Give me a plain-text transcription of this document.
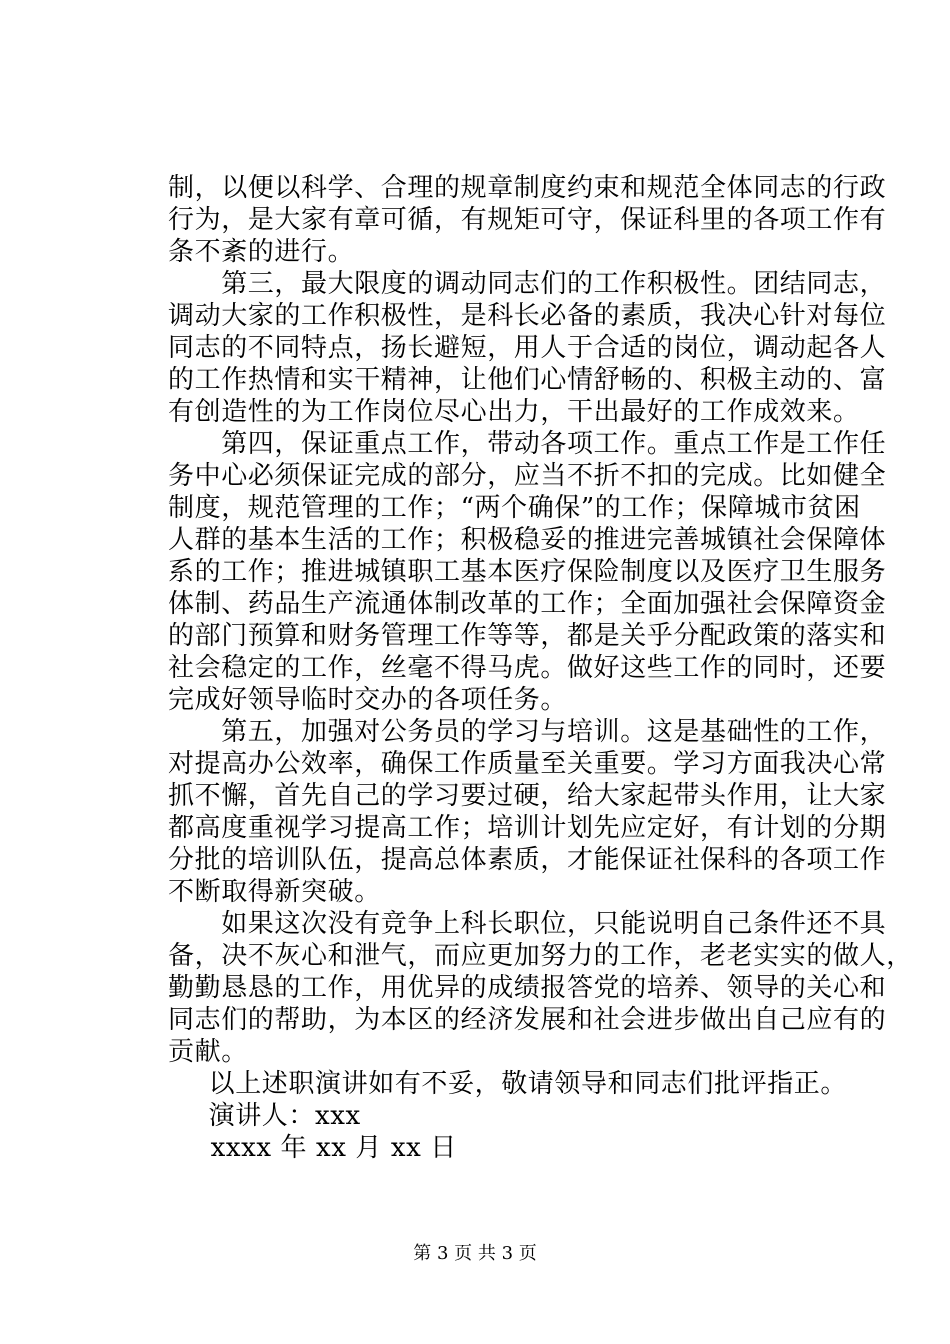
制，以便以科学、合理的规章制度约束和规范全体同志的行政
行为，是大家有章可循，有规矩可守，保证科里的各项工作有
条不紊的进行。
　　第三，最大限度的调动同志们的工作积极性。团结同志，
调动大家的工作积极性，是科长必备的素质，我决心针对每位
同志的不同特点，扬长避短，用人于合适的岗位，调动起各人
的工作热情和实干精神，让他们心情舒畅的、积极主动的、富
有创造性的为工作岗位尽心出力，干出最好的工作成效来。
　　第四，保证重点工作，带动各项工作。重点工作是工作任
务中心必须保证完成的部分，应当不折不扣的完成。比如健全
制度，规范管理的工作；“两个确保”的工作；保障城市贫困
人群的基本生活的工作；积极稳妥的推进完善城镇社会保障体
系的工作；推进城镇职工基本医疗保险制度以及医疗卫生服务
体制、药品生产流通体制改革的工作；全面加强社会保障资金
的部门预算和财务管理工作等等，都是关乎分配政策的落实和
社会稳定的工作，丝毫不得马虎。做好这些工作的同时，还要
完成好领导临时交办的各项任务。
　　第五，加强对公务员的学习与培训。这是基础性的工作，
对提高办公效率，确保工作质量至关重要。学习方面我决心常
抓不懈，首先自己的学习要过硬，给大家起带头作用，让大家
都高度重视学习提高工作；培训计划先应定好，有计划的分期
分批的培训队伍，提高总体素质，才能保证社保科的各项工作
不断取得新突破。
　　如果这次没有竞争上科长职位，只能说明自己条件还不具
备，决不灰心和泄气，而应更加努力的工作，老老实实的做人，
勤勤恳恳的工作，用优异的成绩报答党的培养、领导的关心和
同志们的帮助，为本区的经济发展和社会进步做出自己应有的
贡献。
　以上述职演讲如有不妥，敬请领导和同志们批评指正。
　演讲人：xxx
　xxxx 年 xx 月 xx 日
第 3 页 共 3 页
